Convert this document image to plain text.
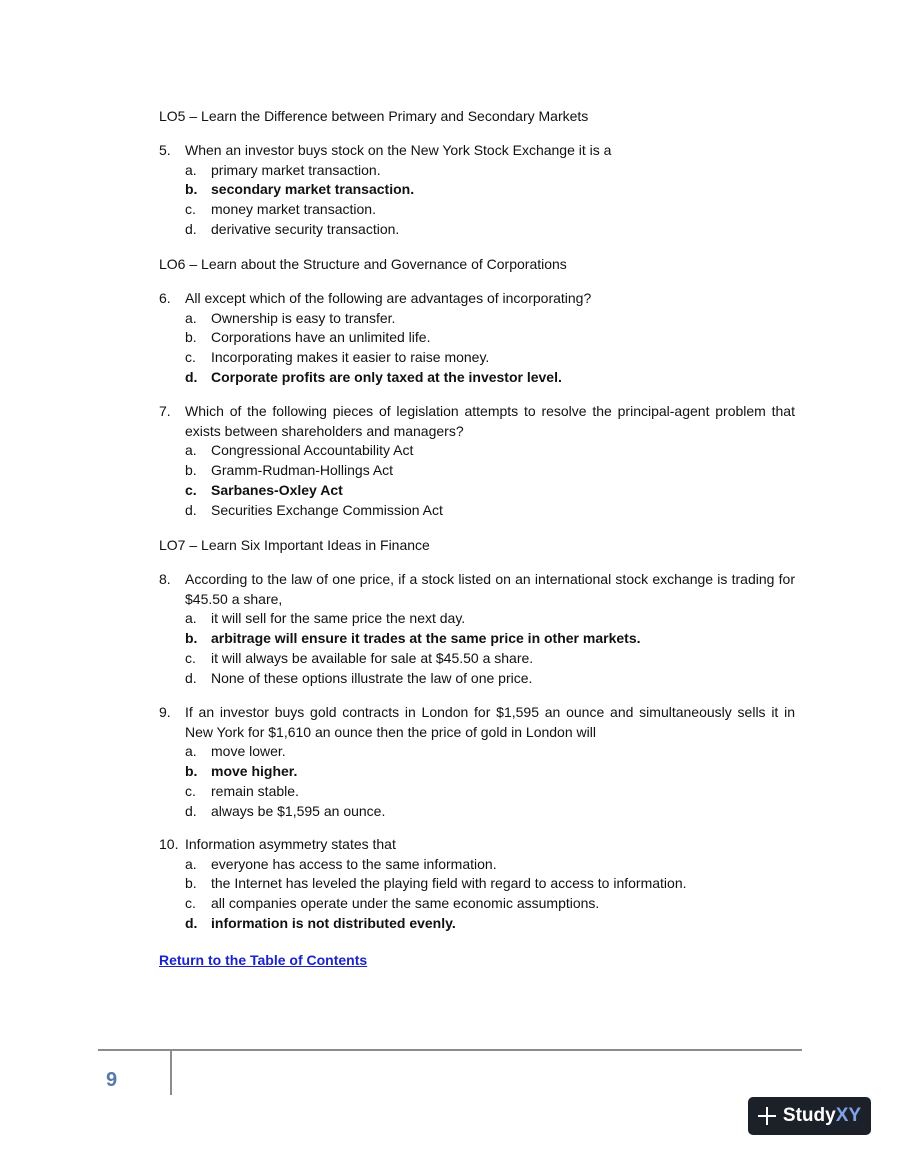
LO5 – Learn the Difference between Primary and Secondary Markets
5.	When an investor buys stock on the New York Stock Exchange it is a
a.	primary market transaction.
b. secondary market transaction.
c.	money market transaction.
d.	derivative security transaction.
LO6 – Learn about the Structure and Governance of Corporations
6.	All except which of the following are advantages of incorporating?
a.	Ownership is easy to transfer.
b.	Corporations have an unlimited life.
c.	Incorporating makes it easier to raise money.
d. Corporate profits are only taxed at the investor level.
7.	Which of the following pieces of legislation attempts to resolve the principal-agent problem that exists between shareholders and managers?
a.	Congressional Accountability Act
b.	Gramm-Rudman-Hollings Act
c.	Sarbanes-Oxley Act
d.	Securities Exchange Commission Act
LO7 – Learn Six Important Ideas in Finance
8.	According to the law of one price, if a stock listed on an international stock exchange is trading for $45.50 a share,
a.	it will sell for the same price the next day.
b. arbitrage will ensure it trades at the same price in other markets.
c.	it will always be available for sale at $45.50 a share.
d.	None of these options illustrate the law of one price.
9.	If an investor buys gold contracts in London for $1,595 an ounce and simultaneously sells it in New York for $1,610 an ounce then the price of gold in London will
a.	move lower.
b. move higher.
c.	remain stable.
d.	always be $1,595 an ounce.
10. Information asymmetry states that
a.	everyone has access to the same information.
b.	the Internet has leveled the playing field with regard to access to information.
c.	all companies operate under the same economic assumptions.
d. information is not distributed evenly.
Return to the Table of Contents
9
Study XY
